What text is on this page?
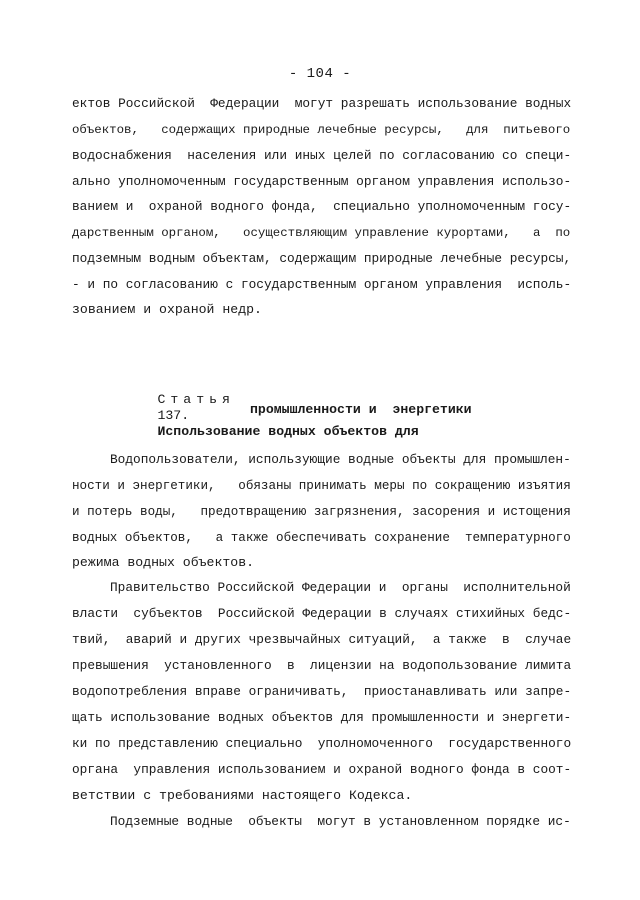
- 104 -
ектов Российской  Федерации  могут разрешать использование водных
объектов,   содержащих природные лечебные ресурсы,   для  питьевого
водоснабжения  населения или иных целей по согласованию со специ-
ально уполномоченным государственным органом управления использо-
ванием и  охраной водного фонда,  специально уполномоченным госу-
дарственным органом,   осуществляющим управление курортами,   а  по
подземным водным объектам, содержащим природные лечебные ресурсы,
- и по согласованию с государственным органом управления  исполь-
зованием и охраной недр.

Статья
137.
Использование водных объектов для

промышленности и  энергетики
Водопользователи, использующие водные объекты для промышлен-
ности и энергетики,   обязаны принимать меры по сокращению изъятия
и потерь воды,   предотвращению загрязнения, засорения и истощения
водных объектов,   а также обеспечивать сохранение  температурного
режима водных объектов.
Правительство Российской Федерации и  органы  исполнительной
власти  субъектов  Российской Федерации в случаях стихийных бедс-
твий,  аварий и других чрезвычайных ситуаций,  а также  в  случае
превышения  установленного  в  лицензии на водопользование лимита
водопотребления вправе ограничивать,  приостанавливать или запре-
щать использование водных объектов для промышленности и энергети-
ки по представлению специально  уполномоченного  государственного
органа  управления использованием и охраной водного фонда в соот-
ветствии с требованиями настоящего Кодекса.
Подземные водные  объекты  могут в установленном порядке ис-
